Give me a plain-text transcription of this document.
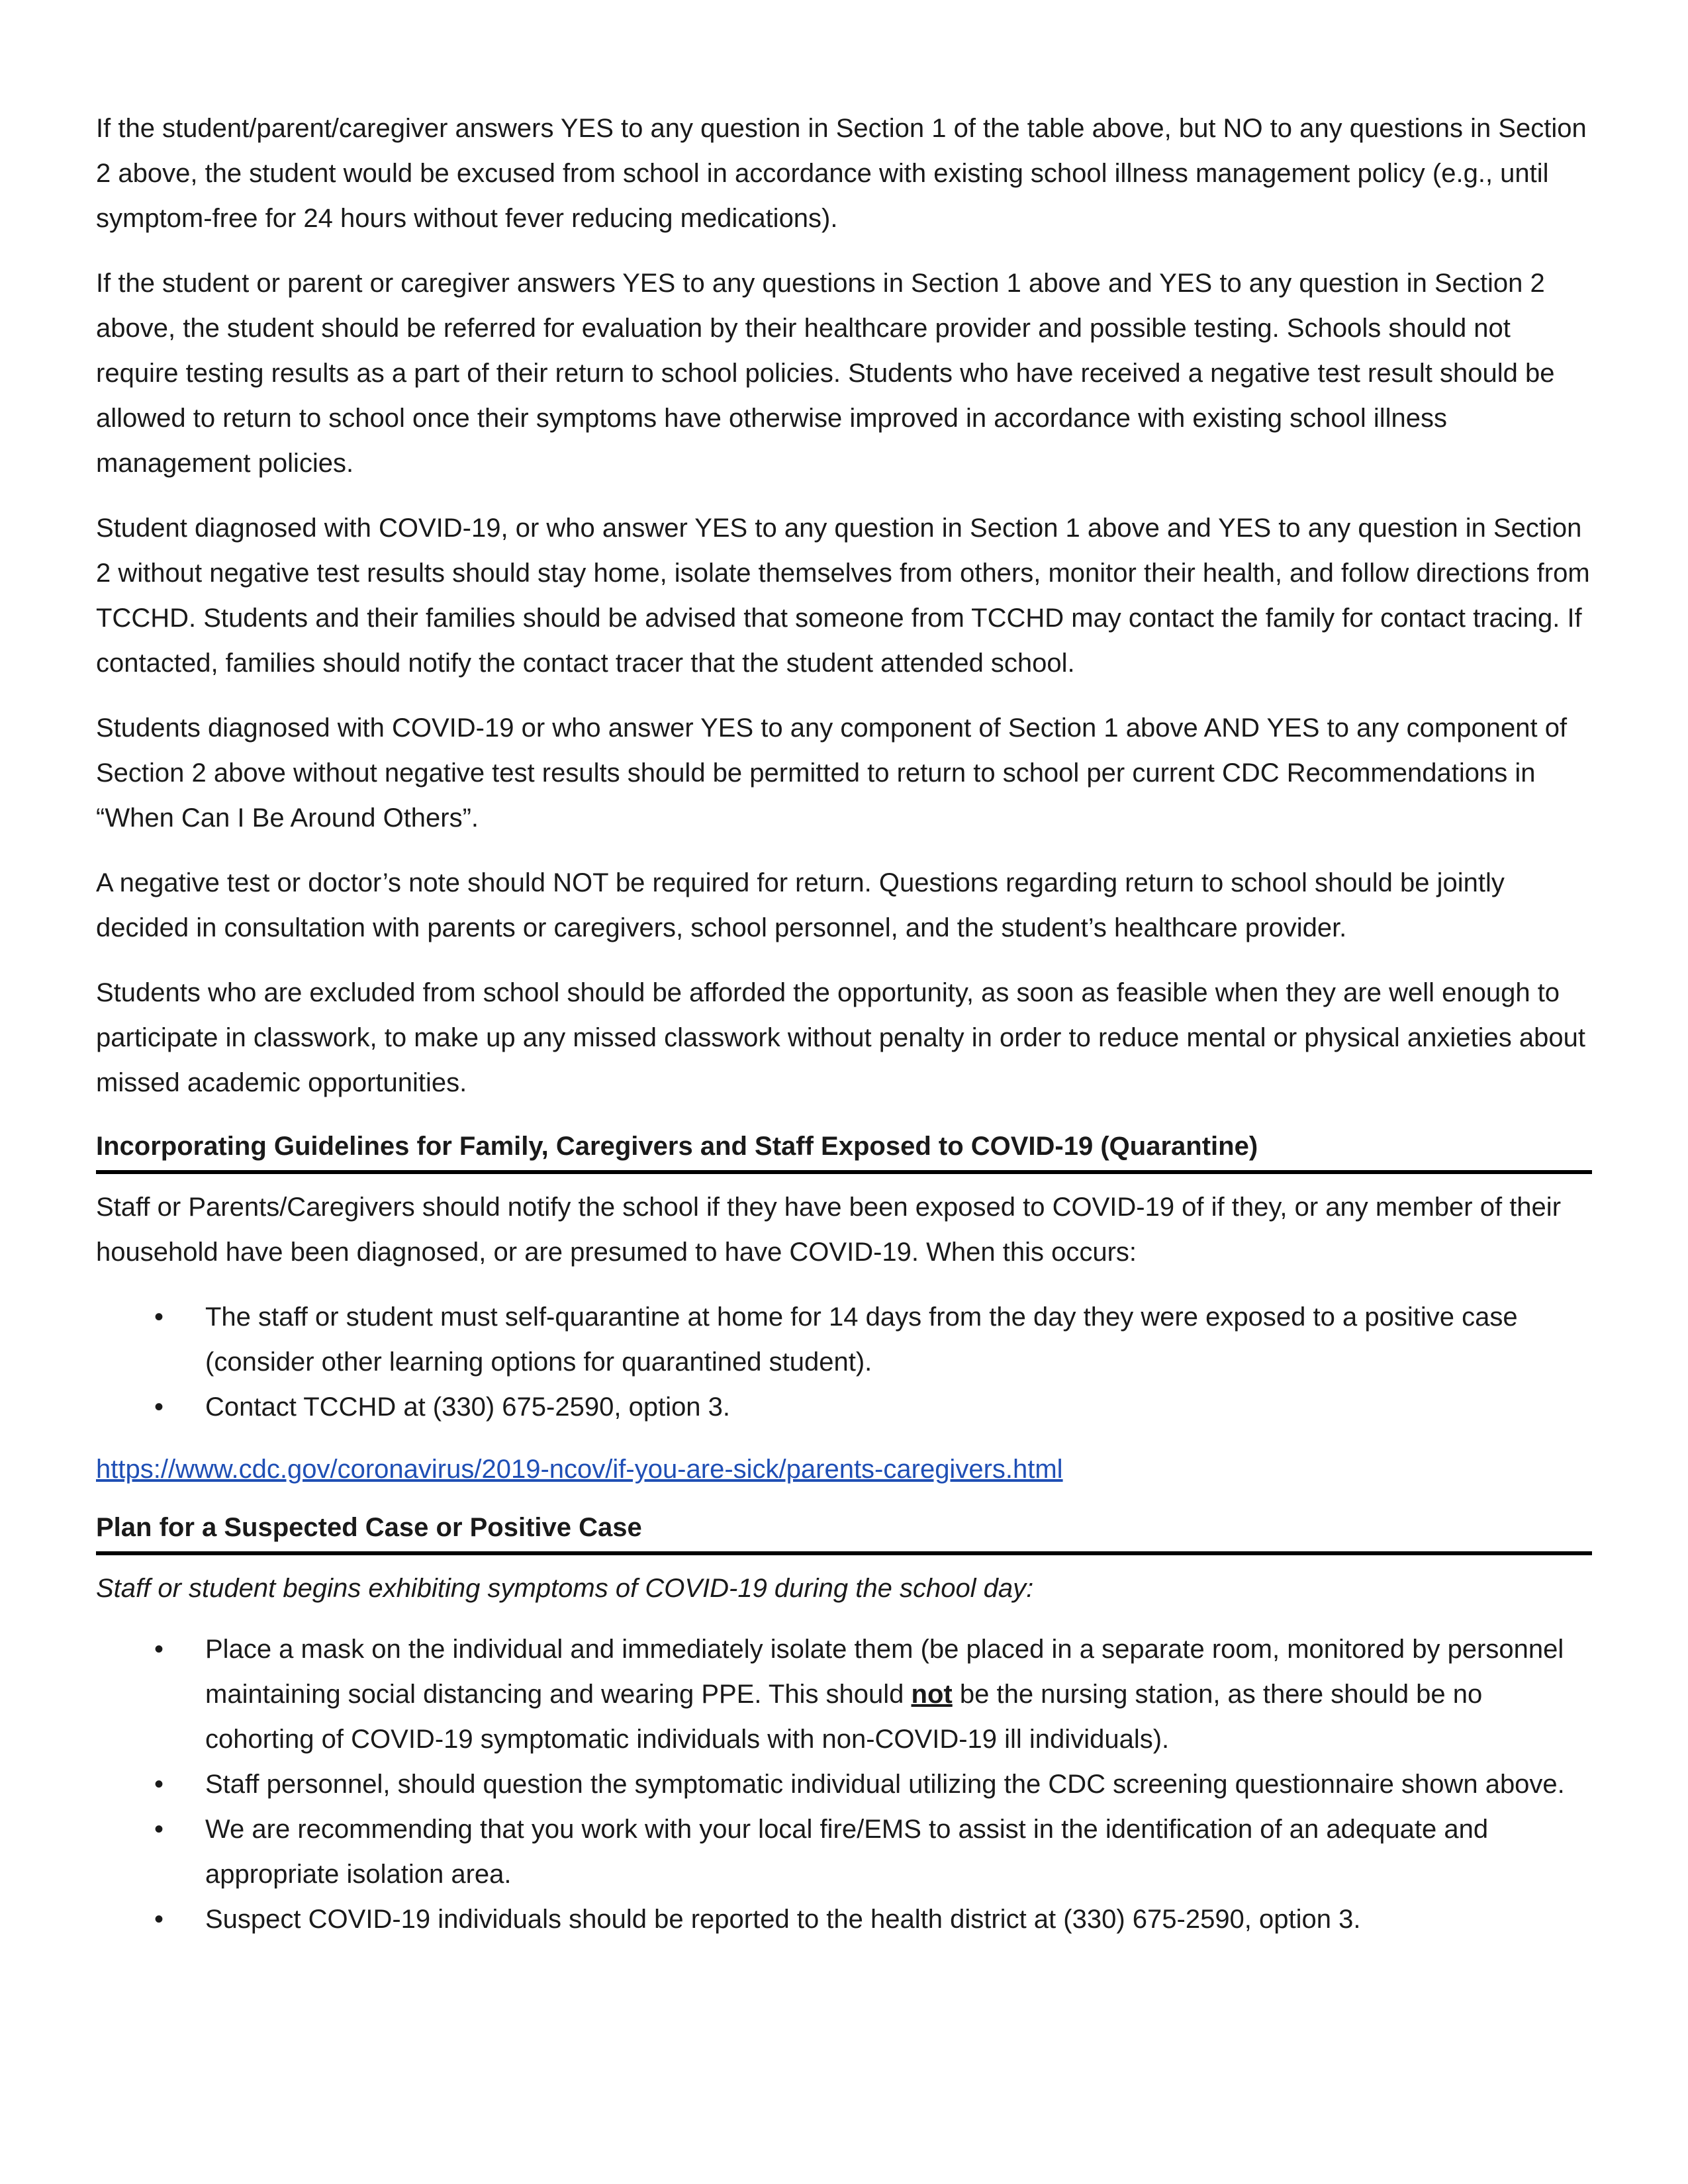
If the student/parent/caregiver answers YES to any question in Section 1 of the table above, but NO to any questions in Section 2 above, the student would be excused from school in accordance with existing school illness management policy (e.g., until symptom-free for 24 hours without fever reducing medications).

If the student or parent or caregiver answers YES to any questions in Section 1 above and YES to any question in Section 2 above, the student should be referred for evaluation by their healthcare provider and possible testing. Schools should not require testing results as a part of their return to school policies. Students who have received a negative test result should be allowed to return to school once their symptoms have otherwise improved in accordance with existing school illness management policies.

Student diagnosed with COVID-19, or who answer YES to any question in Section 1 above and YES to any question in Section 2 without negative test results should stay home, isolate themselves from others, monitor their health, and follow directions from TCCHD. Students and their families should be advised that someone from TCCHD may contact the family for contact tracing. If contacted, families should notify the contact tracer that the student attended school.

Students diagnosed with COVID-19 or who answer YES to any component of Section 1 above AND YES to any component of Section 2 above without negative test results should be permitted to return to school per current CDC Recommendations in “When Can I Be Around Others”.

A negative test or doctor’s note should NOT be required for return. Questions regarding return to school should be jointly decided in consultation with parents or caregivers, school personnel, and the student’s healthcare provider.

Students who are excluded from school should be afforded the opportunity, as soon as feasible when they are well enough to participate in classwork, to make up any missed classwork without penalty in order to reduce mental or physical anxieties about missed academic opportunities.

Incorporating Guidelines for Family, Caregivers and Staff Exposed to COVID-19 (Quarantine)

Staff or Parents/Caregivers should notify the school if they have been exposed to COVID-19 of if they, or any member of their household have been diagnosed, or are presumed to have COVID-19. When this occurs:

• The staff or student must self-quarantine at home for 14 days from the day they were exposed to a positive case (consider other learning options for quarantined student).
• Contact TCCHD at (330) 675-2590, option 3.
https://www.cdc.gov/coronavirus/2019-ncov/if-you-are-sick/parents-caregivers.html
Plan for a Suspected Case or Positive Case

Staff or student begins exhibiting symptoms of COVID-19 during the school day:

• Place a mask on the individual and immediately isolate them (be placed in a separate room, monitored by personnel maintaining social distancing and wearing PPE. This should not be the nursing station, as there should be no cohorting of COVID-19 symptomatic individuals with non-COVID-19 ill individuals).
• Staff personnel, should question the symptomatic individual utilizing the CDC screening questionnaire shown above.
• We are recommending that you work with your local fire/EMS to assist in the identification of an adequate and appropriate isolation area.
• Suspect COVID-19 individuals should be reported to the health district at (330) 675-2590, option 3.
